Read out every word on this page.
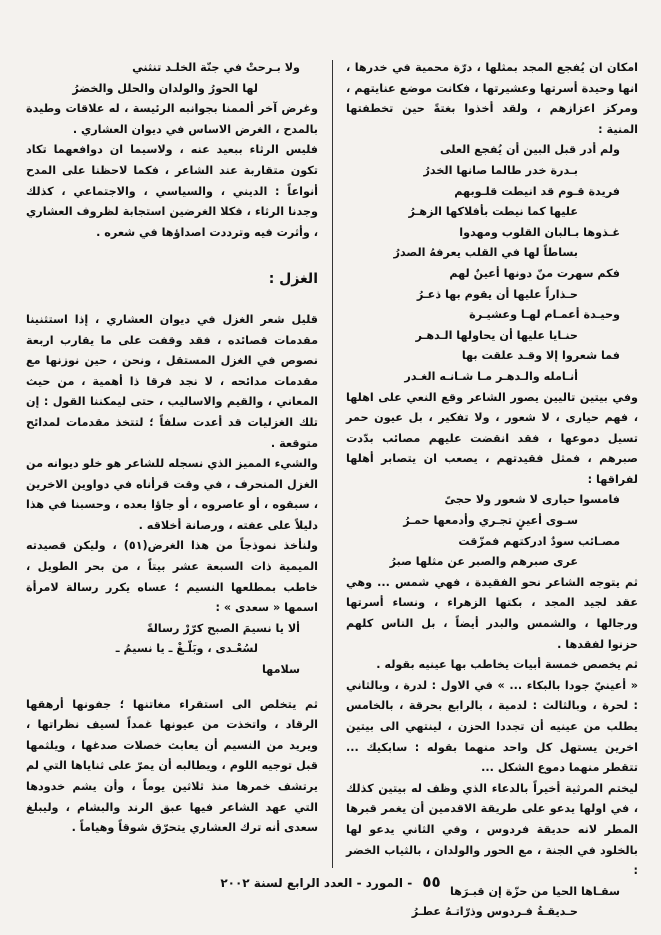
امكان ان يُفجع المجد بمثلها ، درّة محمية في خدرها ، انها وحيدة أسرتها وعشيرتها ، فكانت موضع عنايتهم ، ومركز اعزازهم ، ولقد أخذوا بغتةً حين تخطفتها المنية :

ولم أدر قبل البين أن يُفجع العلى
بـدرة خدر طالما صانها الخدرُ
فريدة قـوم قد انيطت قلـوبهم
عليها كما نيطت بأفلاكها الزهـرُ
غـذوها بـالبان القلوب ومهدوا
بساطاً لها في القلب يعرفهُ الصدرُ
فكم سهرت منّ دونها أعينٌ لهم
حـذاراً عليها أن يقوم بها ذعـرُ
وحيـدة أعمـام لهـا وعشيـرة
حنـايا عليها أن يحاولها الـدهـر
فما شعروا إلا وقـد علقت بها
أنـامله والـدهـر مـا شـانـه الغـدر

وفي بيتين تاليين يصور الشاعر وقع النعي على اهلها ، فهم حيارى ، لا شعور ، ولا تفكير ، بل عيون حمر تسيل دموعها ، فقد انقضت عليهم مصائب بدّدت صبرهم ، فمثل فقيدتهم ، يصعب ان يتصابر أهلها لفراقها :

فامسوا حيارى لا شعور ولا حجىً
سـوى أعينٍ تجـري وأدمعها حمـرُ
مصـائب سودٌ ادركتهم فمزّقت
عرى صبرهم والصبر عن مثلها صبرُ

ثم يتوجه الشاعر نحو الفقيدة ، فهي شمس ... وهي عقد لجيد المجد ، بكتها الزهراء ، ونساء أسرتها ورجالها ، والشمس والبدر أيضاً ، بل الناس كلهم حزنوا لفقدها .

ثم يخصص خمسة أبيات يخاطب بها عينيه بقوله .

« أعينيّ جودا بالبكاء ... » في الاول : لدرة ، وبالثاني : لحرة ، وبالثالث : لدمية ، بالرابع بحرقة ، بالخامس يطلب من عينيه أن تجددا الحزن ، لينتهي الى بيتين اخرين يستهل كل واحد منهما بقوله : سابكيك ... تتقطر منهما دموع الشكل ...

ليختم المرثية أخيراً بالدعاء الذي وظف له بيتين كذلك ، في اولها يدعو على طريقة الاقدمين أن يغمر قبرها المطر لانه حديقة فردوس ، وفي الثاني يدعو لها بالخلود في الجنة ، مع الحور والولدان ، بالثياب الخضر :

سقـاها الحيا من حزّة إن قبـرَها
حـديقـةُ فـردوس وذرّاتـهُ عطـرُ
ولا بـرحتْ في جنّة الخلـد تنثني
لها الحورُ والولدان والحلل والخضرُ

وغرض آخر ألممنا بجوانبه الرئيسة ، له علاقات وطيدة بالمدح ، الغرض الاساس في ديوان العشاري .

فليس الرثاء ببعيد عنه ، ولاسيما ان دوافعهما تكاد تكون متقاربة عند الشاعر ، فكما لاحظنا على المدح أنواعاً : الديني ، والسياسي ، والاجتماعي ، كذلك وجدنا الرثاء ، فكلا الغرضين استجابة لظروف العشاري ، وأثرت فيه وترددت اصداؤها في شعره .

الغزل :

قليل شعر الغزل في ديوان العشاري ، إذا استثنينا مقدمات قصائده ، فقد وقفت على ما يقارب اربعة نصوص في الغزل المستقل ، ونحن ، حين نوزنها مع مقدمات مدائحه ، لا نجد فرقا ذا أهمية ، من حيث المعاني ، والقيم والاساليب ، حتى ليمكننا القول : إن تلك الغزليات قد أعدت سلفاً ؛ لتتخذ مقدمات لمدائح متوقعة .

والشيء المميز الذي نسجله للشاعر هو خلو ديوانه من الغزل المنحرف ، في وقت قرأناه في دواوين الاخرين ، سبقوه ، أو عاصروه ، أو جاؤا بعده ، وحسبنا في هذا دليلاً على عفته ، ورصانة أخلاقه .

ولنأخذ نموذجاً من هذا الغرض(٥١) ، وليكن قصيدته الميمية ذات السبعة عشر بيتاً ، من بحر الطويل ، خاطب بمطلعها النسيم ؛ عساه يكرر رسالة لامرأة اسمها « سعدى » :

ألا يا نسيمَ الصبح كرّرْ رسالةً
لسُعْـدى ، وبَلّـغْ ـ يا نسيمُ ـ
سلامها

ثم يتخلص الى استقراء مغاتنها ؛ جفونها أرهقها الرقاد ، واتخذت من عيونها غمداً لسيف نظراتها ، ويريد من النسيم أن يعابث خصلات صدغها ، ويلثمها قبل توجيه اللوم ، ويطالبه أن يمرّ على ثناياها التي لم يرتشف خمرها منذ ثلاثين يوماً ، وأن يشم خدودها التي عهد الشاعر فيها عبق الرند والبشام ، وليبلغ سعدى أنه ترك العشاري يتحرّق شوقاً وهياماً .

٥٥ - المورد - العدد الرابع لسنة ٢٠٠٢
